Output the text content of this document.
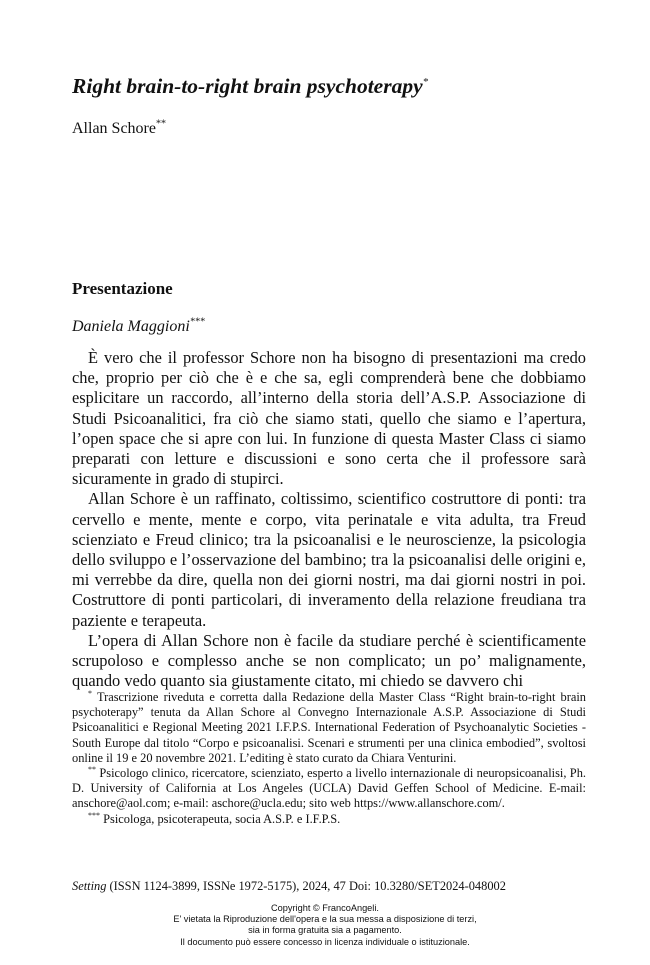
Right brain-to-right brain psychoterapy*
Allan Schore**
Presentazione
Daniela Maggioni***

È vero che il professor Schore non ha bisogno di presentazioni ma credo che, proprio per ciò che è e che sa, egli comprenderà bene che dobbiamo esplicitare un raccordo, all’interno della storia dell’A.S.P. Associazione di Studi Psicoanalitici, fra ciò che siamo stati, quello che siamo e l’apertura, l’open space che si apre con lui. In funzione di questa Master Class ci siamo preparati con letture e discussioni e sono certa che il professore sarà sicuramente in grado di stupirci.

Allan Schore è un raffinato, coltissimo, scientifico costruttore di ponti: tra cervello e mente, mente e corpo, vita perinatale e vita adulta, tra Freud scienziato e Freud clinico; tra la psicoanalisi e le neuroscienze, la psicologia dello sviluppo e l’osservazione del bambino; tra la psicoanalisi delle origini e, mi verrebbe da dire, quella non dei giorni nostri, ma dai giorni nostri in poi. Costruttore di ponti particolari, di inveramento della relazione freudiana tra paziente e terapeuta.

L’opera di Allan Schore non è facile da studiare perché è scientificamente scrupoloso e complesso anche se non complicato; un po’ malignamente, quando vedo quanto sia giustamente citato, mi chiedo se davvero chi

* Trascrizione riveduta e corretta dalla Redazione della Master Class “Right brain-to-right brain psychoterapy” tenuta da Allan Schore al Convegno Internazionale A.S.P. Associazione di Studi Psicoanalitici e Regional Meeting 2021 I.F.P.S. International Federation of Psychoanalytic Societies - South Europe dal titolo “Corpo e psicoanalisi. Scenari e strumenti per una clinica embodied”, svoltosi online il 19 e 20 novembre 2021. L’editing è stato curato da Chiara Venturini.

** Psicologo clinico, ricercatore, scienziato, esperto a livello internazionale di neuropsicoanalisi, Ph. D. University of California at Los Angeles (UCLA) David Geffen School of Medicine. E-mail: anschore@aol.com; e-mail: aschore@ucla.edu; sito web https://www.allanschore.com/.

*** Psicologa, psicoterapeuta, socia A.S.P. e I.F.P.S.

Setting (ISSN 1124-3899, ISSNe 1972-5175), 2024, 47 Doi: 10.3280/SET2024-048002
Copyright © FrancoAngeli.
E' vietata la Riproduzione dell'opera e la sua messa a disposizione di terzi,
sia in forma gratuita sia a pagamento.
Il documento può essere concesso in licenza individuale o istituzionale.
